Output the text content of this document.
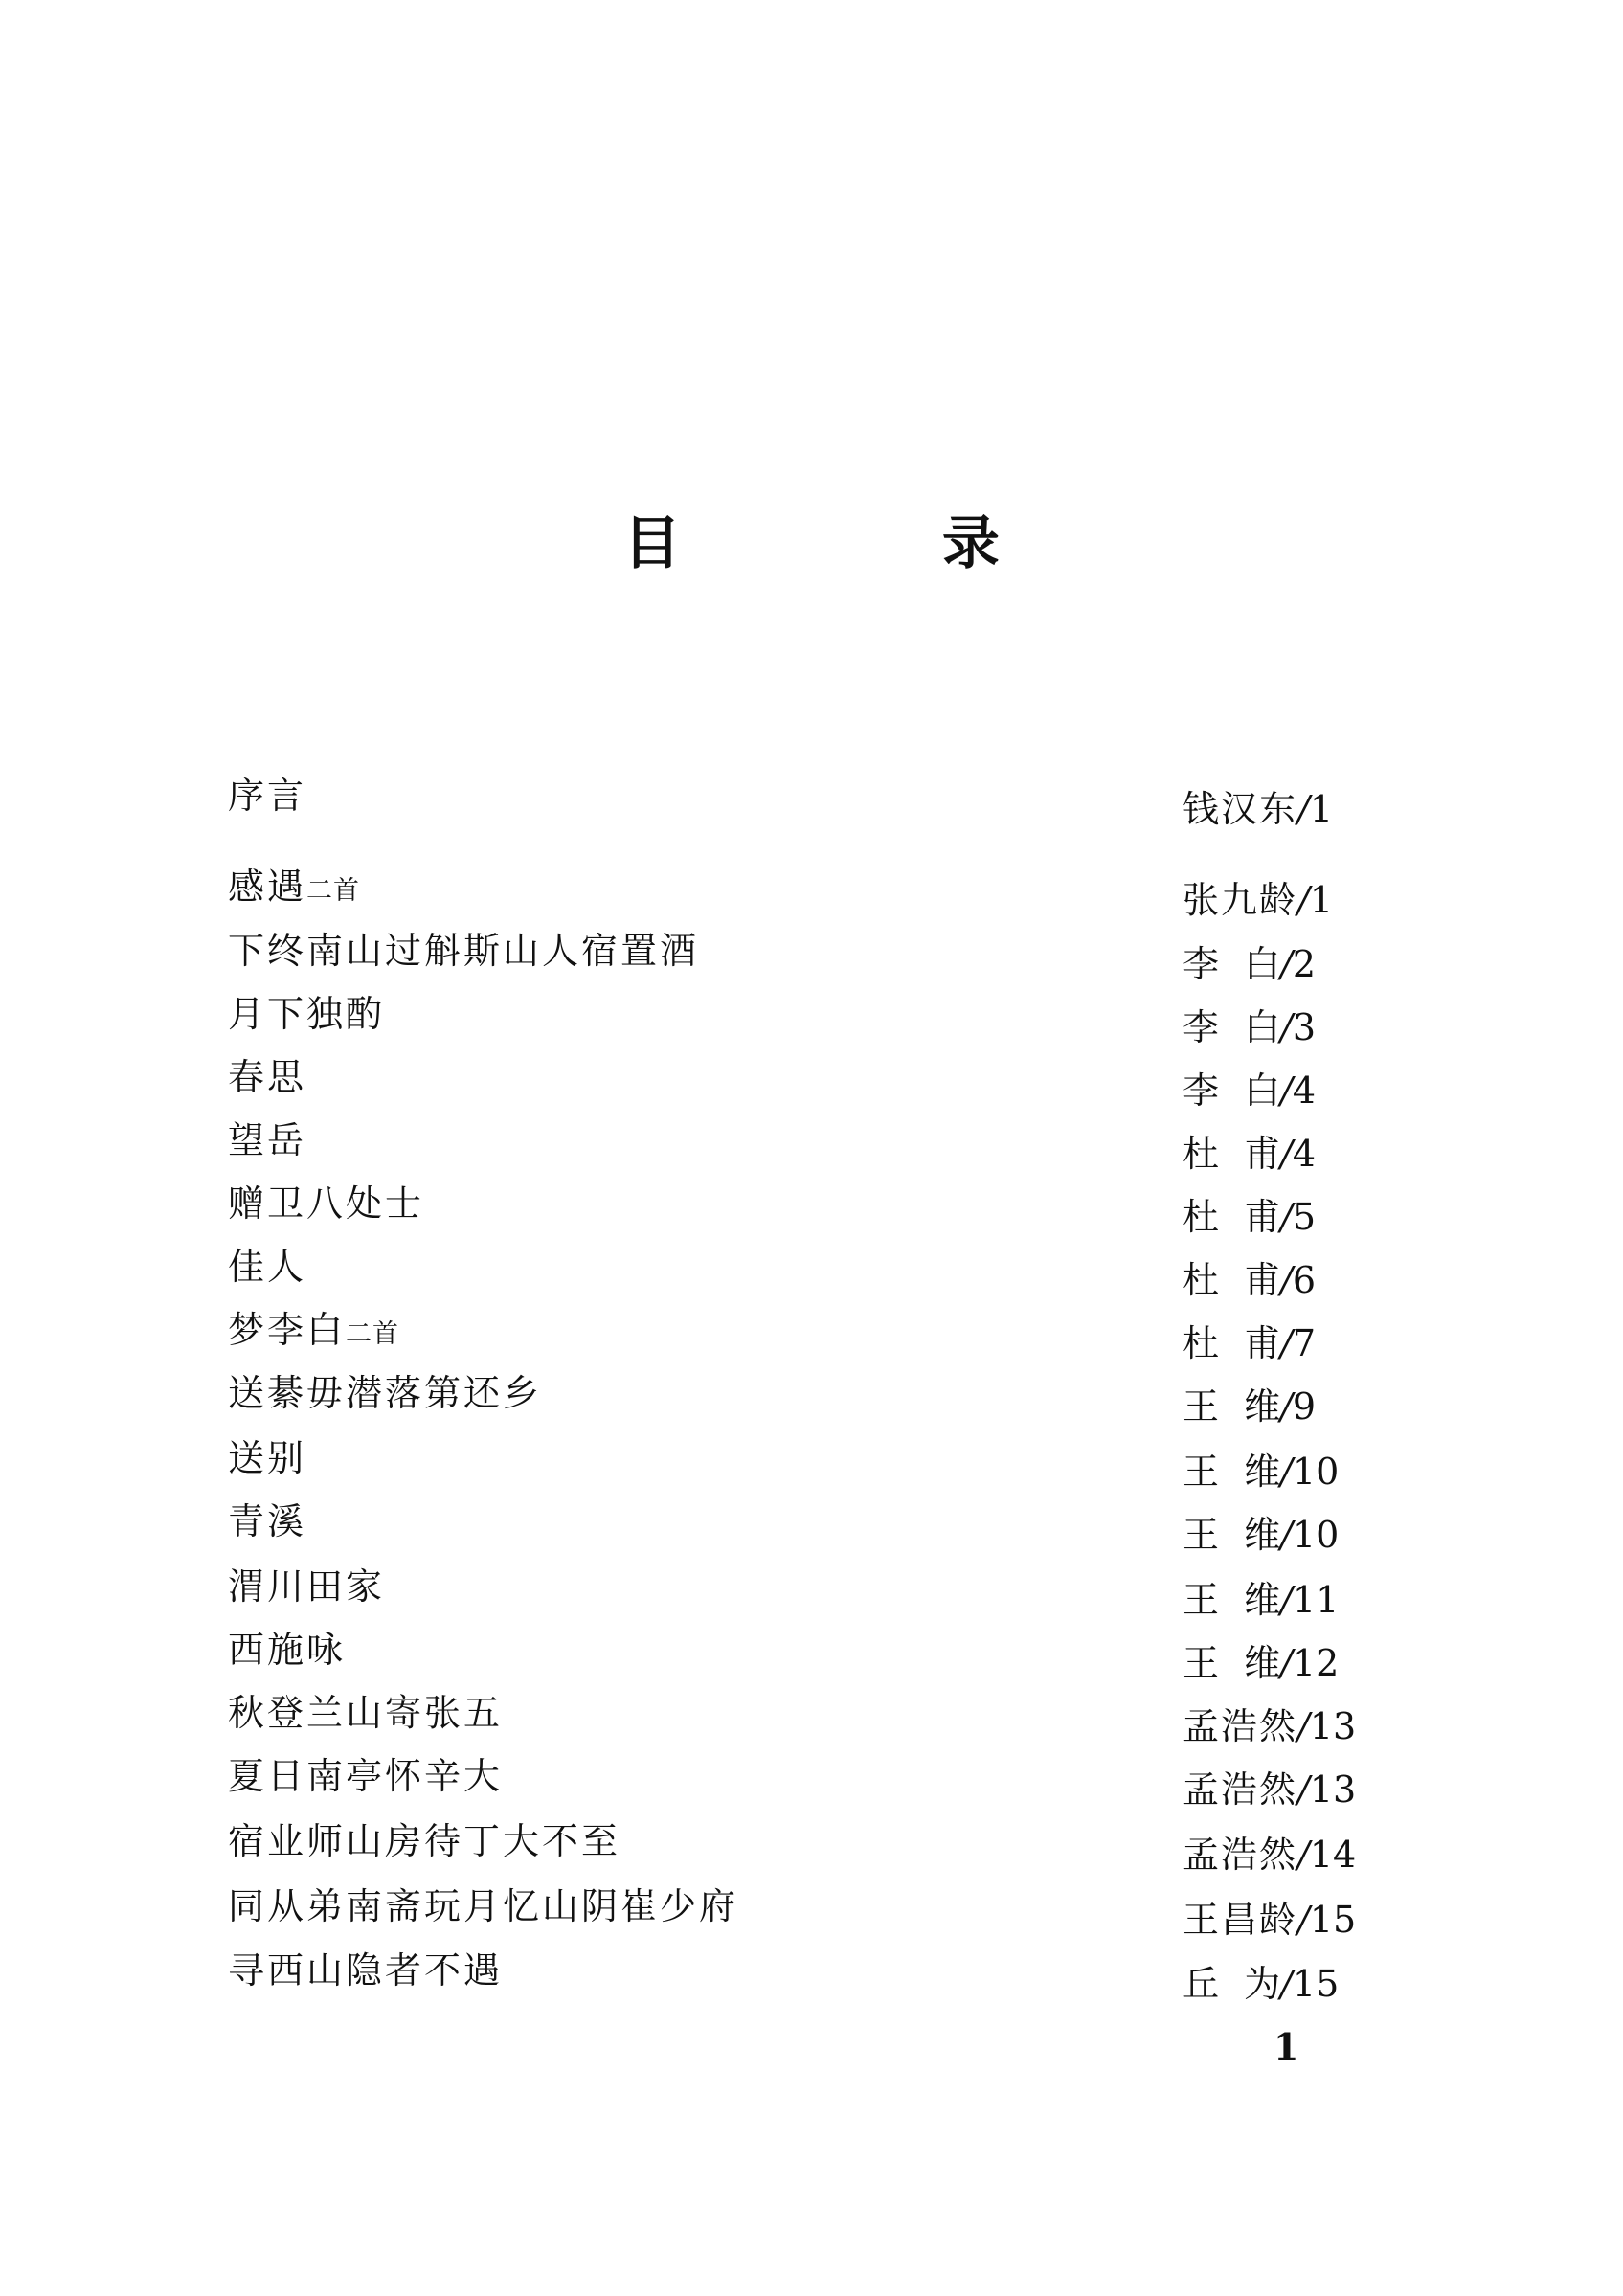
目 录
序言	钱汉东/1
感遇二首	张九龄/1
下终南山过斛斯山人宿置酒	李 白/2
月下独酌	李 白/3
春思	李 白/4
望岳	杜 甫/4
赠卫八处士	杜 甫/5
佳人	杜 甫/6
梦李白二首	杜 甫/7
送綦毋潜落第还乡	王 维/9
送别	王 维/10
青溪	王 维/10
渭川田家	王 维/11
西施咏	王 维/12
秋登兰山寄张五	孟浩然/13
夏日南亭怀辛大	孟浩然/13
宿业师山房待丁大不至	孟浩然/14
同从弟南斋玩月忆山阴崔少府	王昌龄/15
寻西山隐者不遇	丘 为/15
1
